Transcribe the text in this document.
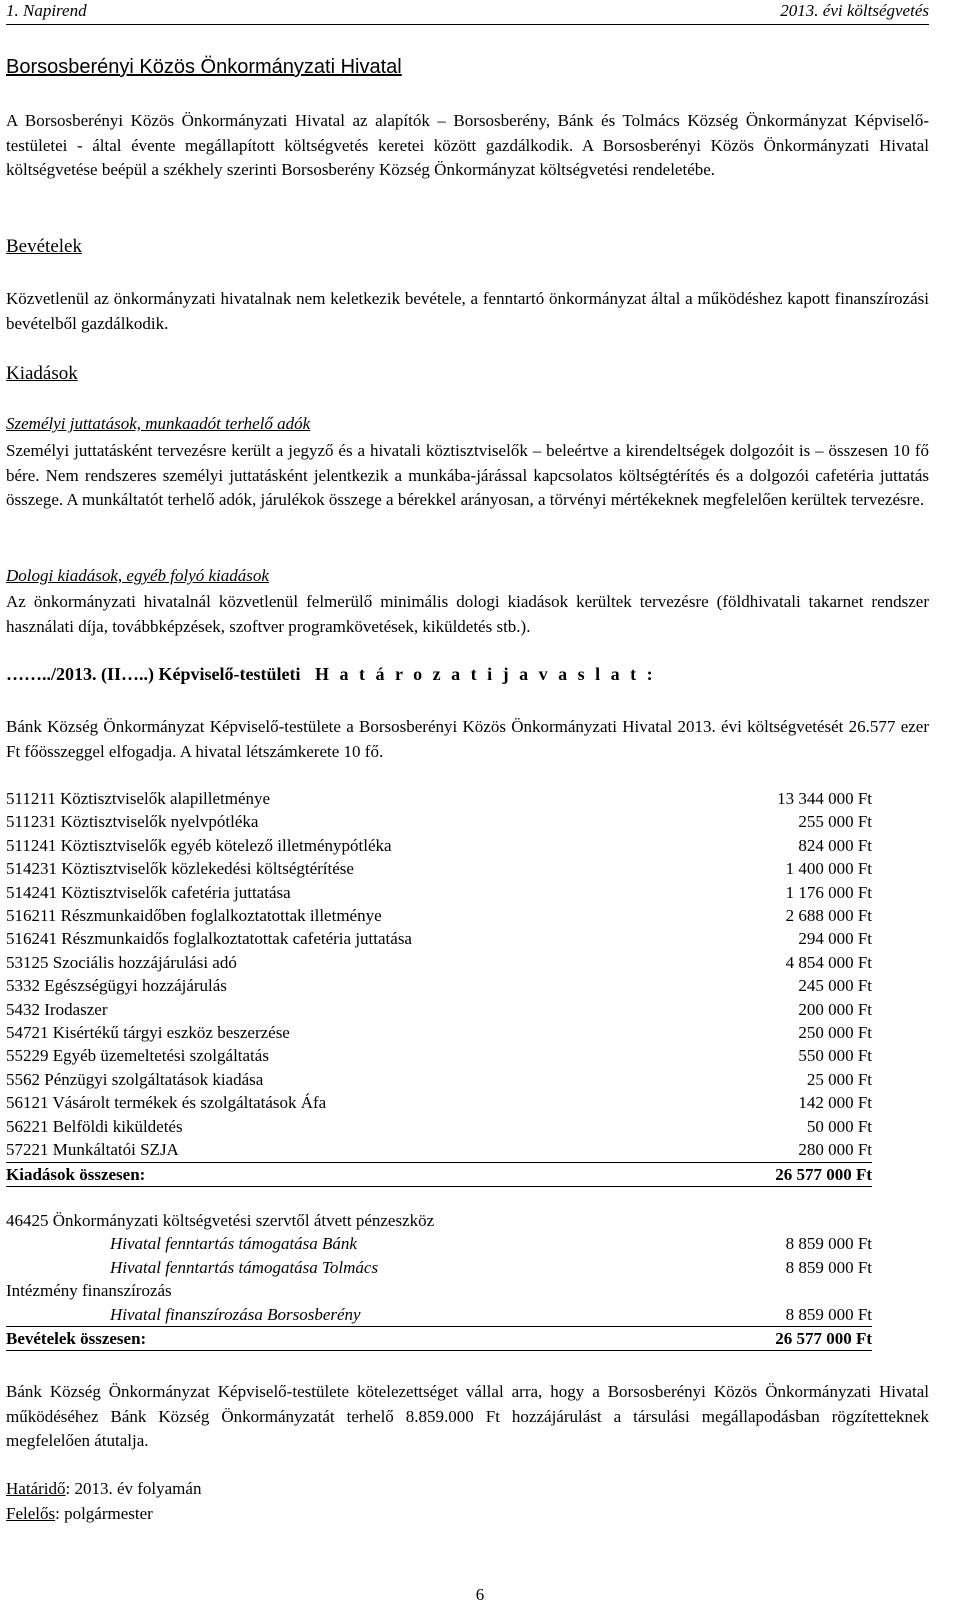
1. Napirend	2013. évi költségvetés
Borsosberényi Közös Önkormányzati Hivatal

A Borsosberényi Közös Önkormányzati Hivatal az alapítók – Borsosberény, Bánk és Tolmács Község Önkormányzat Képviselő-testületei - által évente megállapított költségvetés keretei között gazdálkodik. A Borsosberényi Közös Önkormányzati Hivatal költségvetése beépül a székhely szerinti Borsosberény Község Önkormányzat költségvetési rendeletébe.

Bevételek

Közvetlenül az önkormányzati hivatalnak nem keletkezik bevétele, a fenntartó önkormányzat által a működéshez kapott finanszírozási bevételből gazdálkodik.

Kiadások
Személyi juttatások, munkaadót terhelő adók

Személyi juttatásként tervezésre került a jegyző és a hivatali köztisztviselők – beleértve a kirendeltségek dolgozóit is – összesen 10 fő bére. Nem rendszeres személyi juttatásként jelentkezik a munkába-járással kapcsolatos költségtérítés és a dolgozói cafetéria juttatás összege. A munkáltatót terhelő adók, járulékok összege a bérekkel arányosan, a törvényi mértékeknek megfelelően kerültek tervezésre.

Dologi kiadások, egyéb folyó kiadások

Az önkormányzati hivatalnál közvetlenül felmerülő minimális dologi kiadások kerültek tervezésre (földhivatali takarnet rendszer használati díja, továbbképzések, szoftver programkövetések, kiküldetés stb.).

……../2013. (II…..) Képviselő-testületi H a t á r o z a t i j a v a s l a t :

Bánk Község Önkormányzat Képviselő-testülete a Borsosberényi Közös Önkormányzati Hivatal 2013. évi költségvetését 26.577 ezer Ft főösszeggel elfogadja. A hivatal létszámkerete 10 fő.

511211 Köztisztviselők alapilletménye	13 344 000 Ft
511231 Köztisztviselők nyelvpótléka	255 000 Ft
511241 Köztisztviselők egyéb kötelező illetménypótléka	824 000 Ft
514231 Köztisztviselők közlekedési költségtérítése	1 400 000 Ft
514241 Köztisztviselők cafetéria juttatása	1 176 000 Ft
516211 Részmunkaidőben foglalkoztatottak illetménye	2 688 000 Ft
516241 Részmunkaidős foglalkoztatottak cafetéria juttatása	294 000 Ft
53125 Szociális hozzájárulási adó	4 854 000 Ft
5332 Egészségügyi hozzájárulás	245 000 Ft
5432 Irodaszer	200 000 Ft
54721 Kisértékű tárgyi eszköz beszerzése	250 000 Ft
55229 Egyéb üzemeltetési szolgáltatás	550 000 Ft
5562 Pénzügyi szolgáltatások kiadása	25 000 Ft
56121 Vásárolt termékek és szolgáltatások Áfa	142 000 Ft
56221 Belföldi kiküldetés	50 000 Ft
57221 Munkáltatói SZJA	280 000 Ft
Kiadások összesen:	26 577 000 Ft
46425 Önkormányzati költségvetési szervtől átvett pénzeszköz	
Hivatal fenntartás támogatása Bánk	8 859 000 Ft
Hivatal fenntartás támogatása Tolmács	8 859 000 Ft
Intézmény finanszírozás	
Hivatal finanszírozása Borsosberény	8 859 000 Ft
Bevételek összesen:	26 577 000 Ft

Bánk Község Önkormányzat Képviselő-testülete kötelezettséget vállal arra, hogy a Borsosberényi Közös Önkormányzati Hivatal működéséhez Bánk Község Önkormányzatát terhelő 8.859.000 Ft hozzájárulást a társulási megállapodásban rögzítetteknek megfelelően átutalja.

Határidő: 2013. év folyamán
Felelős: polgármester
6
